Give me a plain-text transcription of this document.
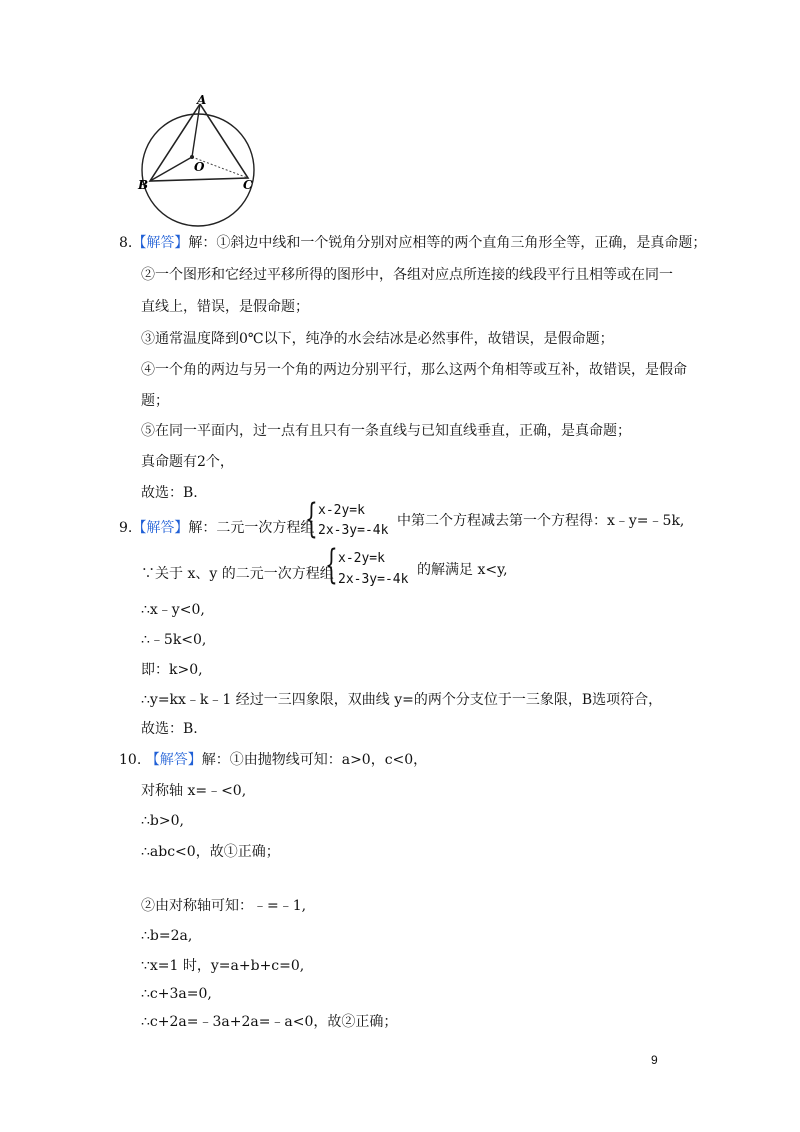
A
O
B	C
8.【解答】解：①斜边中线和一个锐角分别对应相等的两个直角三角形全等，正确，是真命题；
②一个图形和它经过平移所得的图形中，各组对应点所连接的线段平行且相等或在同一
直线上，错误，是假命题；
③通常温度降到0℃以下，纯净的水会结冰是必然事件，故错误，是假命题；
④一个角的两边与另一个角的两边分别平行，那么这两个角相等或互补，故错误，是假命
题；
⑤在同一平面内，过一点有且只有一条直线与已知直线垂直，正确，是真命题；
真命题有2个，
故选：B.
9.【解答】解：二元一次方程组
{ x-2y=k
2x-3y=-4k
中第二个方程减去第一个方程得：x﹣y=﹣5k,
∵关于 x、y 的二元一次方程组
{ x-2y=k
2x-3y=-4k
的解满足 x<y,
∴x﹣y<0,
∴﹣5k<0,
即：k>0,
∴y=kx﹣k﹣1 经过一三四象限，双曲线 y=的两个分支位于一三象限，B选项符合，
故选：B.
10. 【解答】解：①由抛物线可知：a>0，c<0，
对称轴 x=﹣<0,
∴b>0,
∴abc<0，故①正确；
②由对称轴可知：﹣=﹣1,
∴b=2a,
∵x=1 时，y=a+b+c=0,
∴c+3a=0,
∴c+2a=﹣3a+2a=﹣a<0，故②正确；
9
